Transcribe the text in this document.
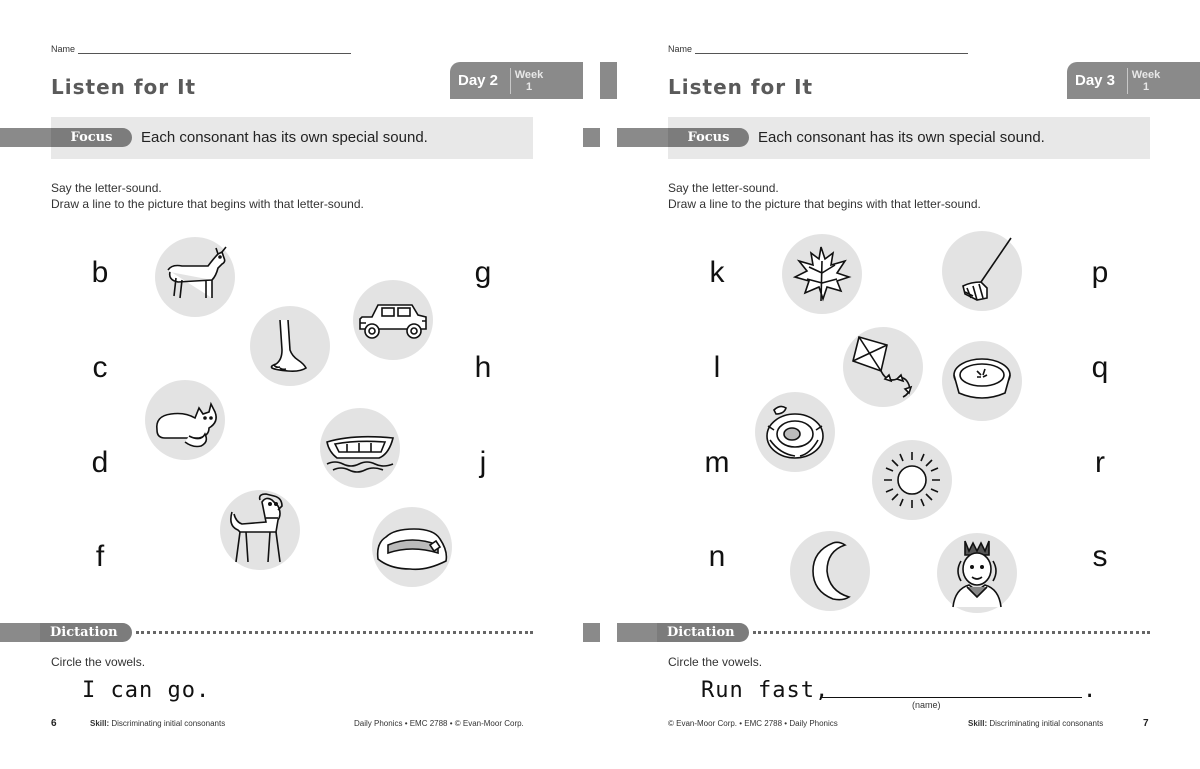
Name
Listen for It	Day 2	Week
1
Focus	Each consonant has its own special sound.
Say the letter-sound.
Draw a line to the picture that begins with that letter-sound.
b
c
d
f
g
h
j
Dictation
Circle the vowels.
I can go.
6	Skill: Discriminating initial consonants	Daily Phonics • EMC 2788 • © Evan-Moor Corp.
Name
Listen for It	Day 3	Week
1
Focus	Each consonant has its own special sound.
Say the letter-sound.
Draw a line to the picture that begins with that letter-sound.
k
l
m
n
p
q
r
s
Dictation
Circle the vowels.
Run fast,	.
(name)
© Evan-Moor Corp. • EMC 2788 • Daily Phonics	Skill: Discriminating initial consonants	7
